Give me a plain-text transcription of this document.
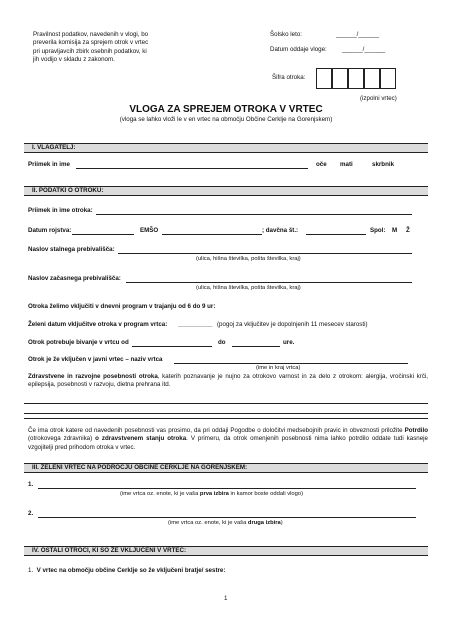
Pravilnost podatkov, navedenih v vlogi, bo
preverila komisija za sprejem otrok v vrtec
pri upravljavcih zbirk osebnih podatkov, ki
jih vodijo v skladu z zakonom.
Šolsko leto:	______/______
Datum oddaje vloge: ______/______
Šifra otroka:
(izpolni vrtec)
VLOGA ZA SPREJEM OTROKA V VRTEC
(vloga se lahko vloži le v en vrtec na območju Občine Cerklje na Gorenjskem)
I. VLAGATELJ:
Priimek in ime	oče mati	skrbnik
II. PODATKI O OTROKU:
Priimek in ime otroka:
Datum rojstva:	EMŠO	; davčna št.:	Spol: M Ž
Naslov stalnega prebivališča:
(ulica, hišna številka, pošta številka, kraj)
Naslov začasnega prebivališča:
(ulica, hišna številka, pošta številka, kraj)
Otroka želimo vključiti v dnevni program v trajanju od 6 do 9 ur:
Želeni datum vključitve otroka v program vrtca: __________ (pogoj za vključitev je dopolnjenih 11 mesecev starosti)
Otrok potrebuje bivanje v vrtcu od	do	ure.
Otrok je že vključen v javni vrtec – naziv vrtca
(ime in kraj vrtca)
Zdravstvene in razvojne posebnosti otroka, katerih poznavanje je nujno za otrokovo varnost in za delo z otrokom: alergija, vročinski krči, epilepsija, posebnosti v razvoju, dietna prehrana itd.
Če ima otrok katere od navedenih posebnosti vas prosimo, da pri oddaji Pogodbe o določitvi medsebojnih pravic in obveznosti priložite Potrdilo (otrokovega zdravnika) o zdravstvenem stanju otroka. V primeru, da otrok omenjenih posebnosti nima lahko potrdilo oddate tudi kasneje vzgojitelji pred prihodom otroka v vrtec.
III. ŽELENI VRTEC NA PODROČJU OBČINE CERKLJE NA GORENJSKEM:
1.
(ime vrtca oz. enote, ki je vaša prva izbira in kamor boste oddali vlogo)
2.
(ime vrtca oz. enote, ki je vaša druga izbira)
IV. OSTALI OTROCI, KI SO ŽE VKLJUČENI V VRTEC:
1. V vrtec na območju občine Cerklje so že vključeni bratje/ sestre:
1
